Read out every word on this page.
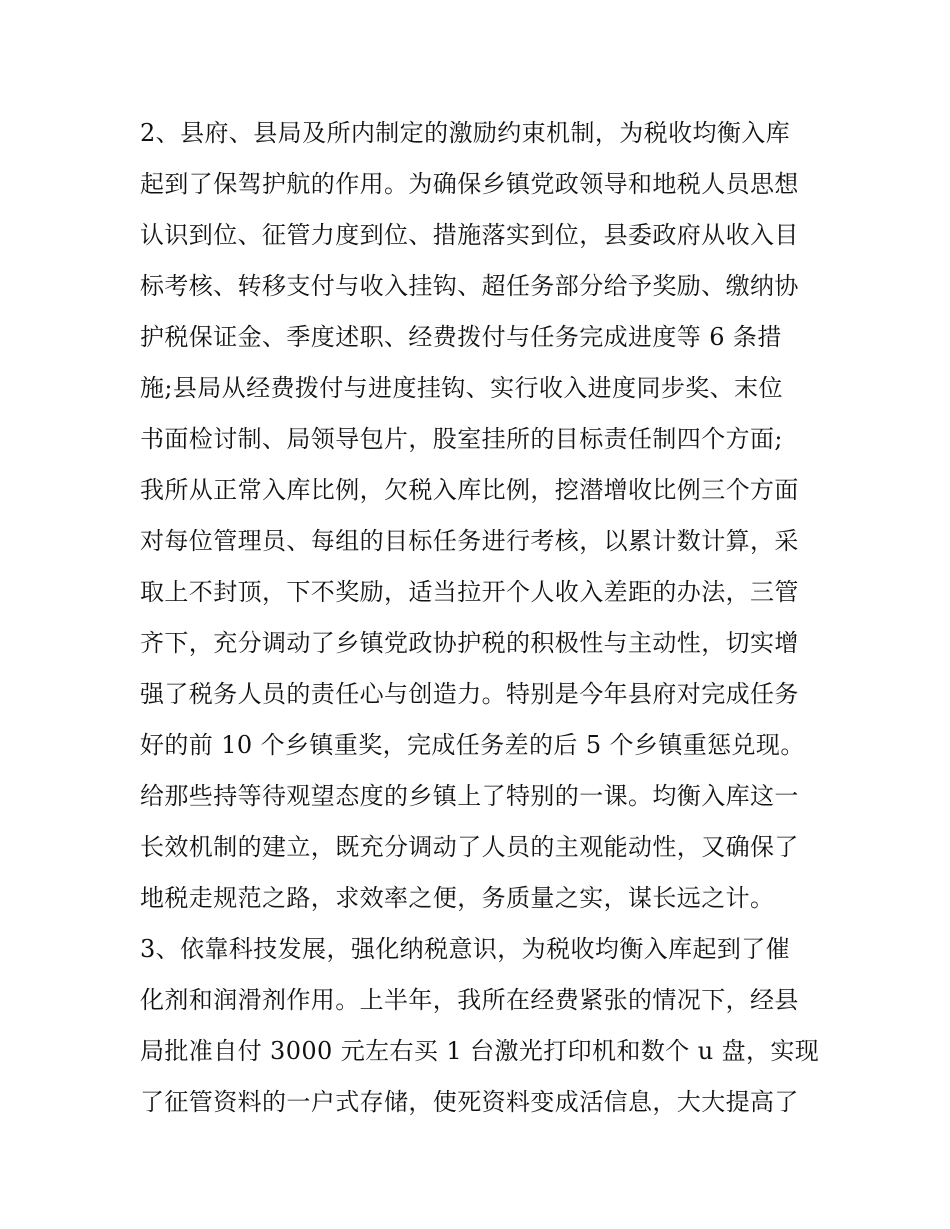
2、县府、县局及所内制定的激励约束机制，为税收均衡入库
起到了保驾护航的作用。为确保乡镇党政领导和地税人员思想
认识到位、征管力度到位、措施落实到位，县委政府从收入目
标考核、转移支付与收入挂钩、超任务部分给予奖励、缴纳协
护税保证金、季度述职、经费拨付与任务完成进度等 6 条措
施;县局从经费拨付与进度挂钩、实行收入进度同步奖、末位
书面检讨制、局领导包片，股室挂所的目标责任制四个方面;
我所从正常入库比例，欠税入库比例，挖潜增收比例三个方面
对每位管理员、每组的目标任务进行考核，以累计数计算，采
取上不封顶，下不奖励，适当拉开个人收入差距的办法，三管
齐下，充分调动了乡镇党政协护税的积极性与主动性，切实增
强了税务人员的责任心与创造力。特别是今年县府对完成任务
好的前 10 个乡镇重奖，完成任务差的后 5 个乡镇重惩兑现。
给那些持等待观望态度的乡镇上了特别的一课。均衡入库这一
长效机制的建立，既充分调动了人员的主观能动性，又确保了
地税走规范之路，求效率之便，务质量之实，谋长远之计。
3、依靠科技发展，强化纳税意识，为税收均衡入库起到了催
化剂和润滑剂作用。上半年，我所在经费紧张的情况下，经县
局批准自付 3000 元左右买 1 台激光打印机和数个 u 盘，实现
了征管资料的一户式存储，使死资料变成活信息，大大提高了
